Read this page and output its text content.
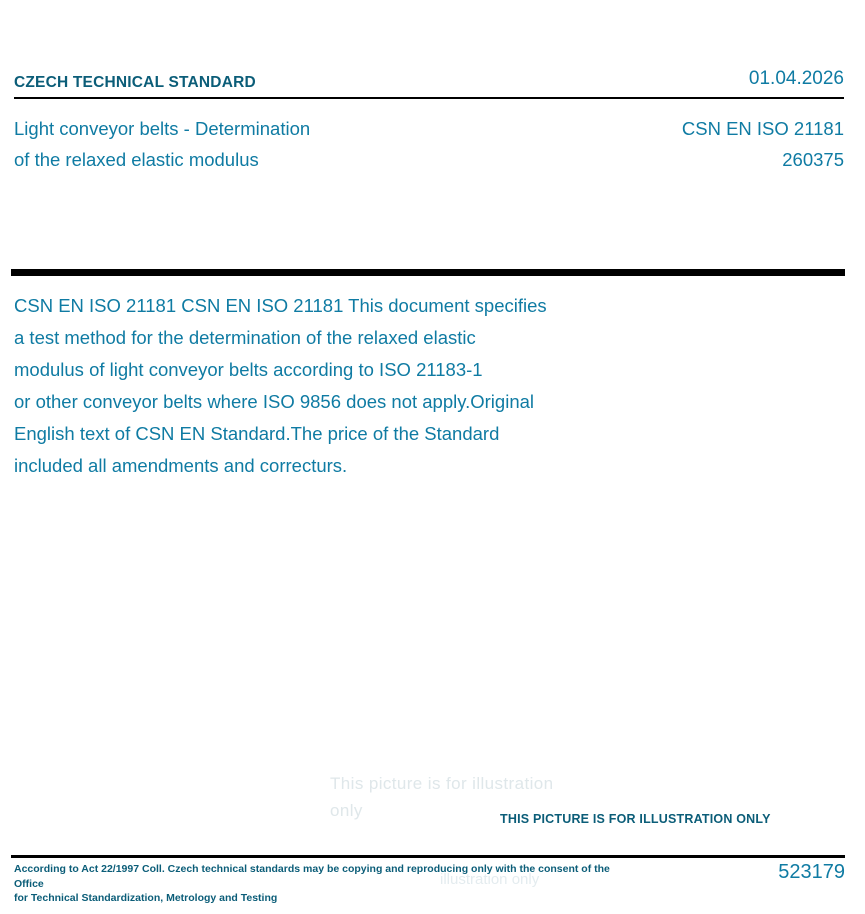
CZECH TECHNICAL STANDARD	01.04.2026
Light conveyor belts - Determination
of the relaxed elastic modulus
CSN EN ISO 21181
260375
CSN EN ISO 21181 CSN EN ISO 21181 This document specifies
a test method for the determination of the relaxed elastic
modulus of light conveyor belts according to ISO 21183-1
or other conveyor belts where ISO 9856 does not apply.Original
English text of CSN EN Standard.The price of the Standard
included all amendments and correcturs.
This picture is for illustration
only	THIS PICTURE IS FOR ILLUSTRATION ONLY
illustration only
According to Act 22/1997 Coll. Czech technical standards may be copying and reproducing only with the consent of the Office
for Technical Standardization, Metrology and Testing
523179
